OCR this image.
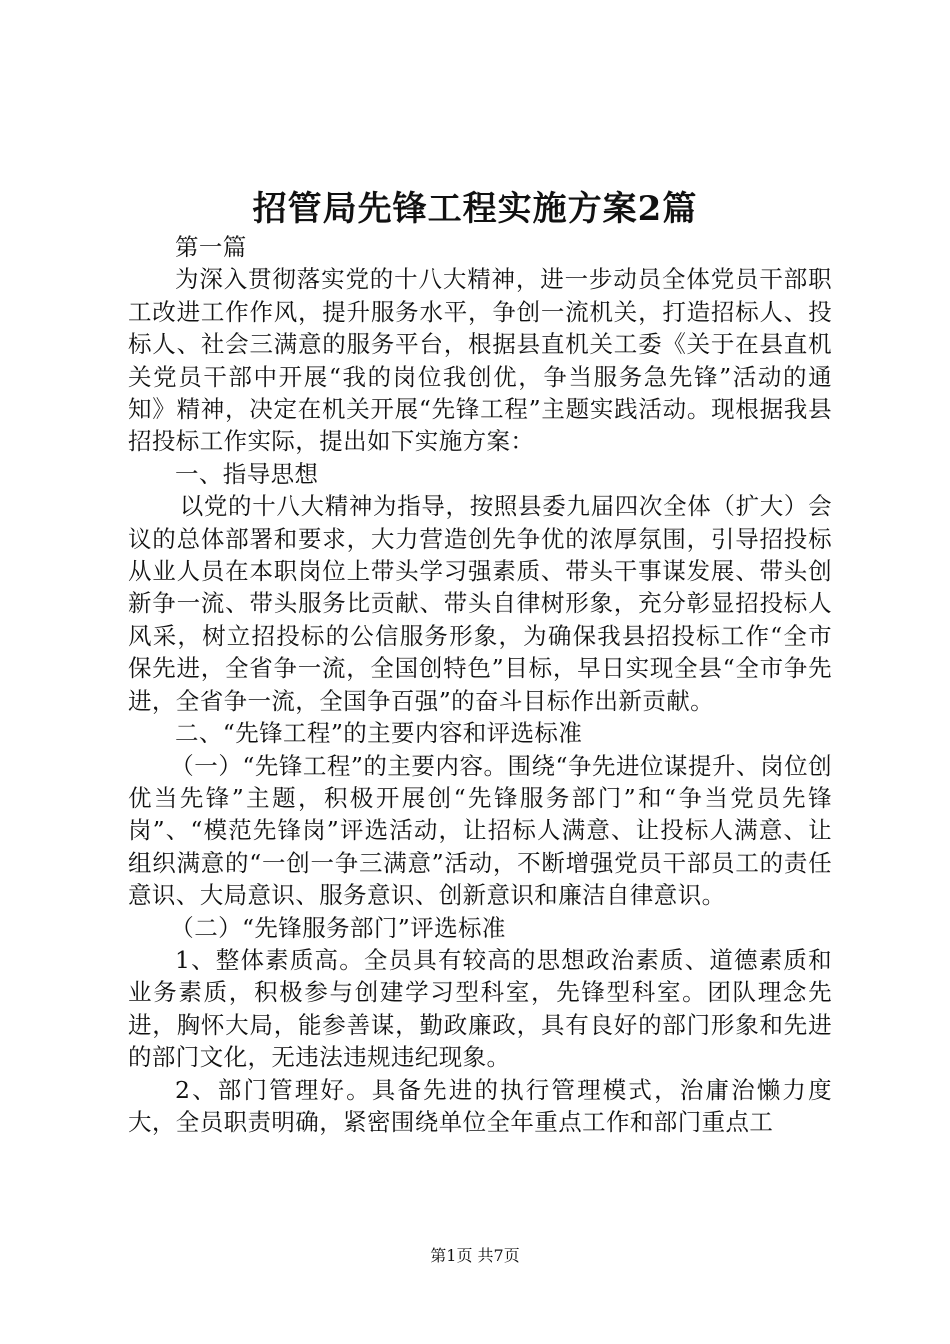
招管局先锋工程实施方案2篇

第一篇

为深入贯彻落实党的十八大精神，进一步动员全体党员干部职工改进工作作风，提升服务水平，争创一流机关，打造招标人、投标人、社会三满意的服务平台，根据县直机关工委《关于在县直机关党员干部中开展“我的岗位我创优，争当服务急先锋”活动的通知》精神，决定在机关开展“先锋工程”主题实践活动。现根据我县招投标工作实际，提出如下实施方案：

一、指导思想

以党的十八大精神为指导，按照县委九届四次全体（扩大）会议的总体部署和要求，大力营造创先争优的浓厚氛围，引导招投标从业人员在本职岗位上带头学习强素质、带头干事谋发展、带头创新争一流、带头服务比贡献、带头自律树形象，充分彰显招投标人风采，树立招投标的公信服务形象，为确保我县招投标工作“全市保先进，全省争一流，全国创特色”目标，早日实现全县“全市争先进，全省争一流，全国争百强”的奋斗目标作出新贡献。

二、“先锋工程”的主要内容和评选标准

（一）“先锋工程”的主要内容。围绕“争先进位谋提升、岗位创优当先锋”主题，积极开展创“先锋服务部门”和“争当党员先锋岗”、“模范先锋岗”评选活动，让招标人满意、让投标人满意、让组织满意的“一创一争三满意”活动，不断增强党员干部员工的责任意识、大局意识、服务意识、创新意识和廉洁自律意识。

（二）“先锋服务部门”评选标准

1、整体素质高。全员具有较高的思想政治素质、道德素质和业务素质，积极参与创建学习型科室，先锋型科室。团队理念先进，胸怀大局，能参善谋，勤政廉政，具有良好的部门形象和先进的部门文化，无违法违规违纪现象。

2、部门管理好。具备先进的执行管理模式，治庸治懒力度大，全员职责明确，紧密围绕单位全年重点工作和部门重点工

第1页 共7页
